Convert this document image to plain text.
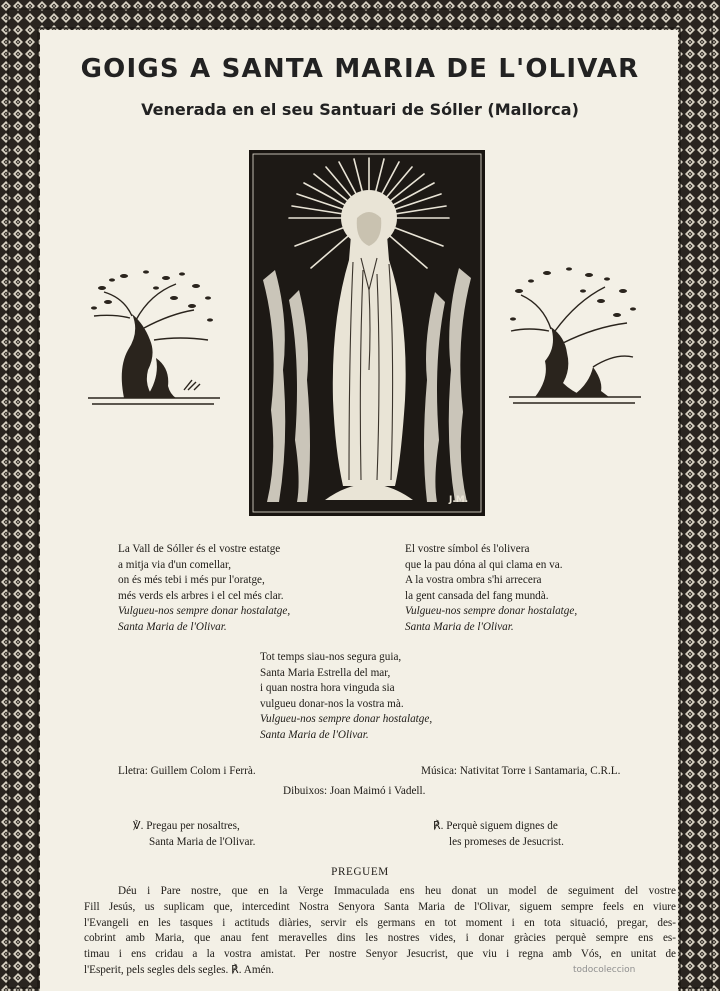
GOIGS A SANTA MARIA DE L'OLIVAR
Venerada en el seu Santuari de Sóller (Mallorca)
J.M.
La Vall de Sóller és el vostre estatge
a mitja via d'un comellar,
on és més tebi i més pur l'oratge,
més verds els arbres i el cel més clar.
Vulgueu-nos sempre donar hostalatge,
Santa Maria de l'Olivar.
El vostre símbol és l'olivera
que la pau dóna al qui clama en va.
A la vostra ombra s'hi arrecera
la gent cansada del fang mundà.
Vulgueu-nos sempre donar hostalatge,
Santa Maria de l'Olivar.
Tot temps siau-nos segura guia,
Santa Maria Estrella del mar,
i quan nostra hora vinguda sia
vulgueu donar-nos la vostra mà.
Vulgueu-nos sempre donar hostalatge,
Santa Maria de l'Olivar.
Lletra: Guillem Colom i Ferrà.	Música: Nativitat Torre i Santamaria, C.R.L.
Dibuixos: Joan Maimó i Vadell.
℣. Pregau per nosaltres,
Santa Maria de l'Olivar.
℟. Perquè siguem dignes de
les promeses de Jesucrist.
PREGUEM
Déu i Pare nostre, que en la Verge Immaculada ens heu donat un model de seguiment del vostre
Fill Jesús, us suplicam que, intercedint Nostra Senyora Santa Maria de l'Olivar, siguem sempre feels en viure
l'Evangeli en les tasques i actituds diàries, servir els germans en tot moment i en tota situació, pregar, des-
cobrint amb Maria, que anau fent meravelles dins les nostres vides, i donar gràcies perquè sempre ens es-
timau i ens cridau a la vostra amistat. Per nostre Senyor Jesucrist, que viu i regna amb Vós, en unitat de
l'Esperit, pels segles dels segles. ℟. Amén.	todocoleccion
